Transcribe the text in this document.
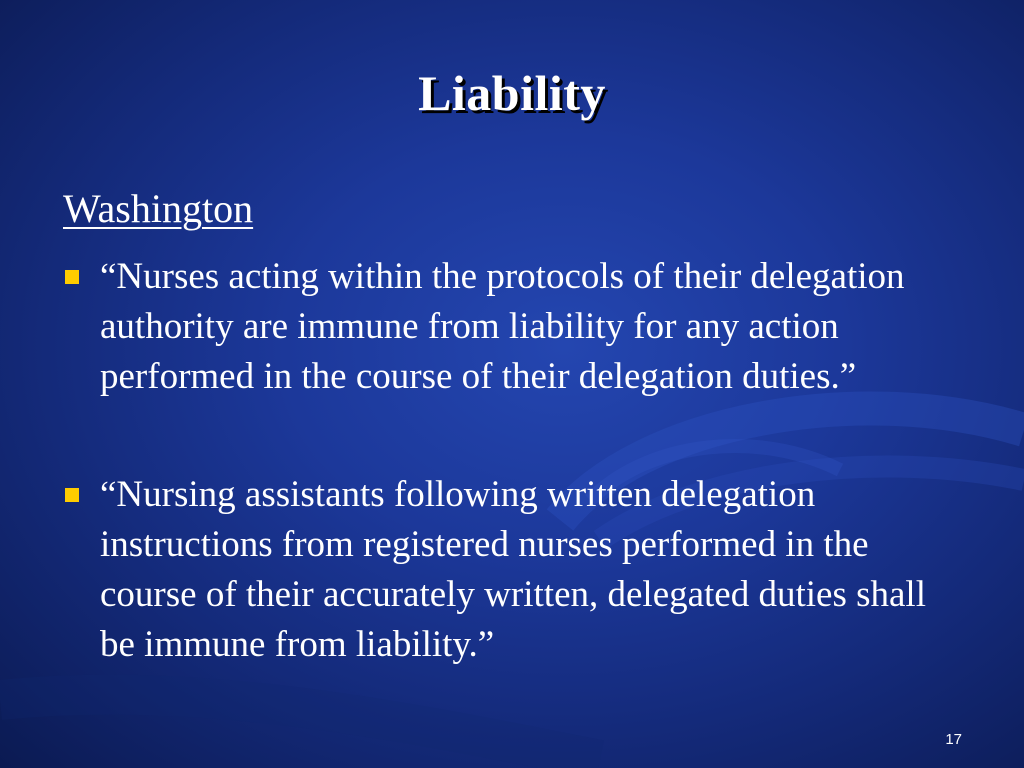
Liability
Washington
“Nurses acting within the protocols of their delegation authority are immune from liability for any action performed in the course of their delegation duties.”
“Nursing assistants following written delegation instructions from registered nurses performed in the course of their accurately written, delegated duties shall be immune from liability.”
17
